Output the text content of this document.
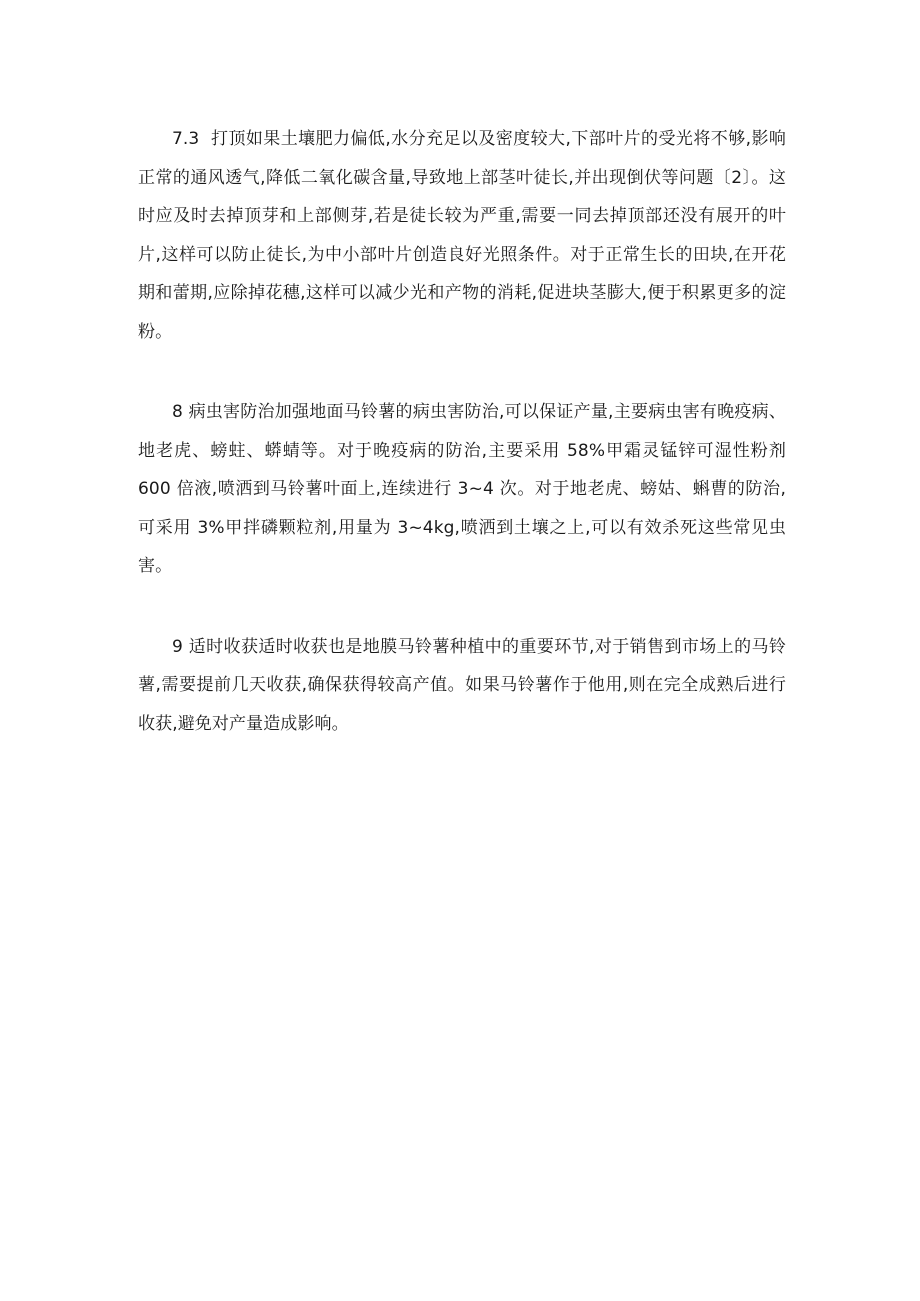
7.3  打顶如果土壤肥力偏低,水分充足以及密度较大,下部叶片的受光将不够,影响正常的通风透气,降低二氧化碳含量,导致地上部茎叶徒长,并出现倒伏等问题〔2〕。这时应及时去掉顶芽和上部侧芽,若是徒长较为严重,需要一同去掉顶部还没有展开的叶片,这样可以防止徒长,为中小部叶片创造良好光照条件。对于正常生长的田块,在开花期和蕾期,应除掉花穗,这样可以减少光和产物的消耗,促进块茎膨大,便于积累更多的淀粉。

8 病虫害防治加强地面马铃薯的病虫害防治,可以保证产量,主要病虫害有晚疫病、地老虎、螃蛀、蟒蜻等。对于晚疫病的防治,主要采用 58%甲霜灵锰锌可湿性粉剂 600 倍液,喷洒到马铃薯叶面上,连续进行 3~4 次。对于地老虎、螃姑、蝌曹的防治,可采用 3%甲拌磷颗粒剂,用量为 3~4kg,喷洒到土壤之上,可以有效杀死这些常见虫害。

9 适时收获适时收获也是地膜马铃薯种植中的重要环节,对于销售到市场上的马铃薯,需要提前几天收获,确保获得较高产值。如果马铃薯作于他用,则在完全成熟后进行收获,避免对产量造成影响。
